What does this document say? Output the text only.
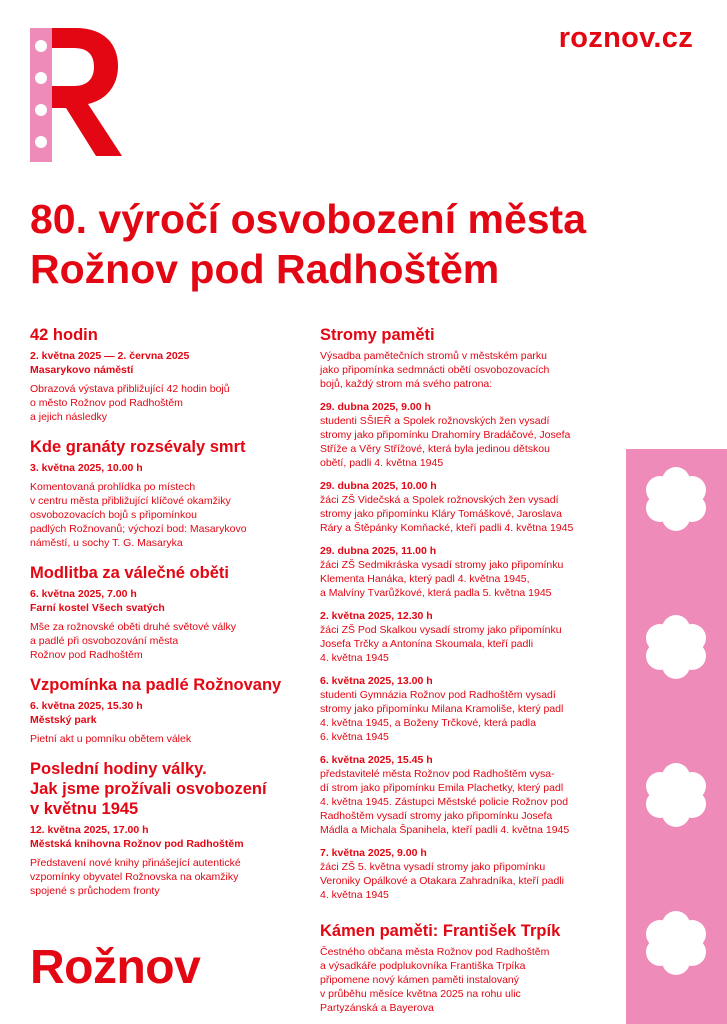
roznov.cz
80. výročí osvobození města
Rožnov pod Radhoštěm
42 hodin
2. května 2025 — 2. června 2025
Masarykovo náměstí
Obrazová výstava přibližující 42 hodin bojů
o město Rožnov pod Radhoštěm
a jejich následky
Kde granáty rozsévaly smrt
3. května 2025, 10.00 h
Komentovaná prohlídka po místech
v centru města přibližující klíčové okamžiky
osvobozovacích bojů s připomínkou
padlých Rožnovanů; výchozí bod: Masarykovo
náměstí, u sochy T. G. Masaryka
Modlitba za válečné oběti
6. května 2025, 7.00 h
Farní kostel Všech svatých
Mše za rožnovské oběti druhé světové války
a padlé při osvobozování města
Rožnov pod Radhoštěm
Vzpomínka na padlé Rožnovany
6. května 2025, 15.30 h
Městský park
Pietní akt u pomníku obětem válek
Poslední hodiny války.
Jak jsme prožívali osvobození
v květnu 1945
12. května 2025, 17.00 h
Městská knihovna Rožnov pod Radhoštěm
Představení nové knihy přinášející autentické
vzpomínky obyvatel Rožnovska na okamžiky
spojené s průchodem fronty
Stromy paměti
Výsadba pamětečních stromů v městském parku
jako připomínka sedmnácti obětí osvobozovacích
bojů, každý strom má svého patrona:
29. dubna 2025, 9.00 h
studenti SŠIEŘ a Spolek rožnovských žen vysadí
stromy jako připomínku Drahomíry Bradáčové, Josefa
Stříže a Věry Střížové, která byla jedinou dětskou
obětí, padli 4. května 1945
29. dubna 2025, 10.00 h
žáci ZŠ Videčská a Spolek rožnovských žen vysadí
stromy jako připomínku Kláry Tomáškové, Jaroslava
Ráry a Štěpánky Komňacké, kteří padli 4. května 1945
29. dubna 2025, 11.00 h
žáci ZŠ Sedmikráska vysadí stromy jako připomínku
Klementa Hanáka, který padl 4. května 1945,
a Malvíny Tvarůžkové, která padla 5. května 1945
2. května 2025, 12.30 h
žáci ZŠ Pod Skalkou vysadí stromy jako připomínku
Josefa Trčky a Antonína Skoumala, kteří padli
4. května 1945
6. května 2025, 13.00 h
studenti Gymnázia Rožnov pod Radhoštěm vysadí
stromy jako připomínku Milana Kramoliše, který padl
4. května 1945, a Boženy Trčkové, která padla
6. května 1945
6. května 2025, 15.45 h
představitelé města Rožnov pod Radhoštěm vysa-
dí strom jako připomínku Emila Plachetky, který padl
4. května 1945. Zástupci Městské policie Rožnov pod
Radhoštěm vysadí stromy jako připomínku Josefa
Mádla a Michala Španihela, kteří padli 4. května 1945
7. května 2025, 9.00 h
žáci ZŠ 5. května vysadí stromy jako připomínku
Veroniky Opálkové a Otakara Zahradníka, kteří padli
4. května 1945
Kámen paměti: František Trpík
Čestného občana města Rožnov pod Radhoštěm
a výsadkáře podplukovníka Františka Trpíka
připomene nový kámen paměti instalovaný
v průběhu měsíce května 2025 na rohu ulic
Partyzánská a Bayerova
Rožnov
